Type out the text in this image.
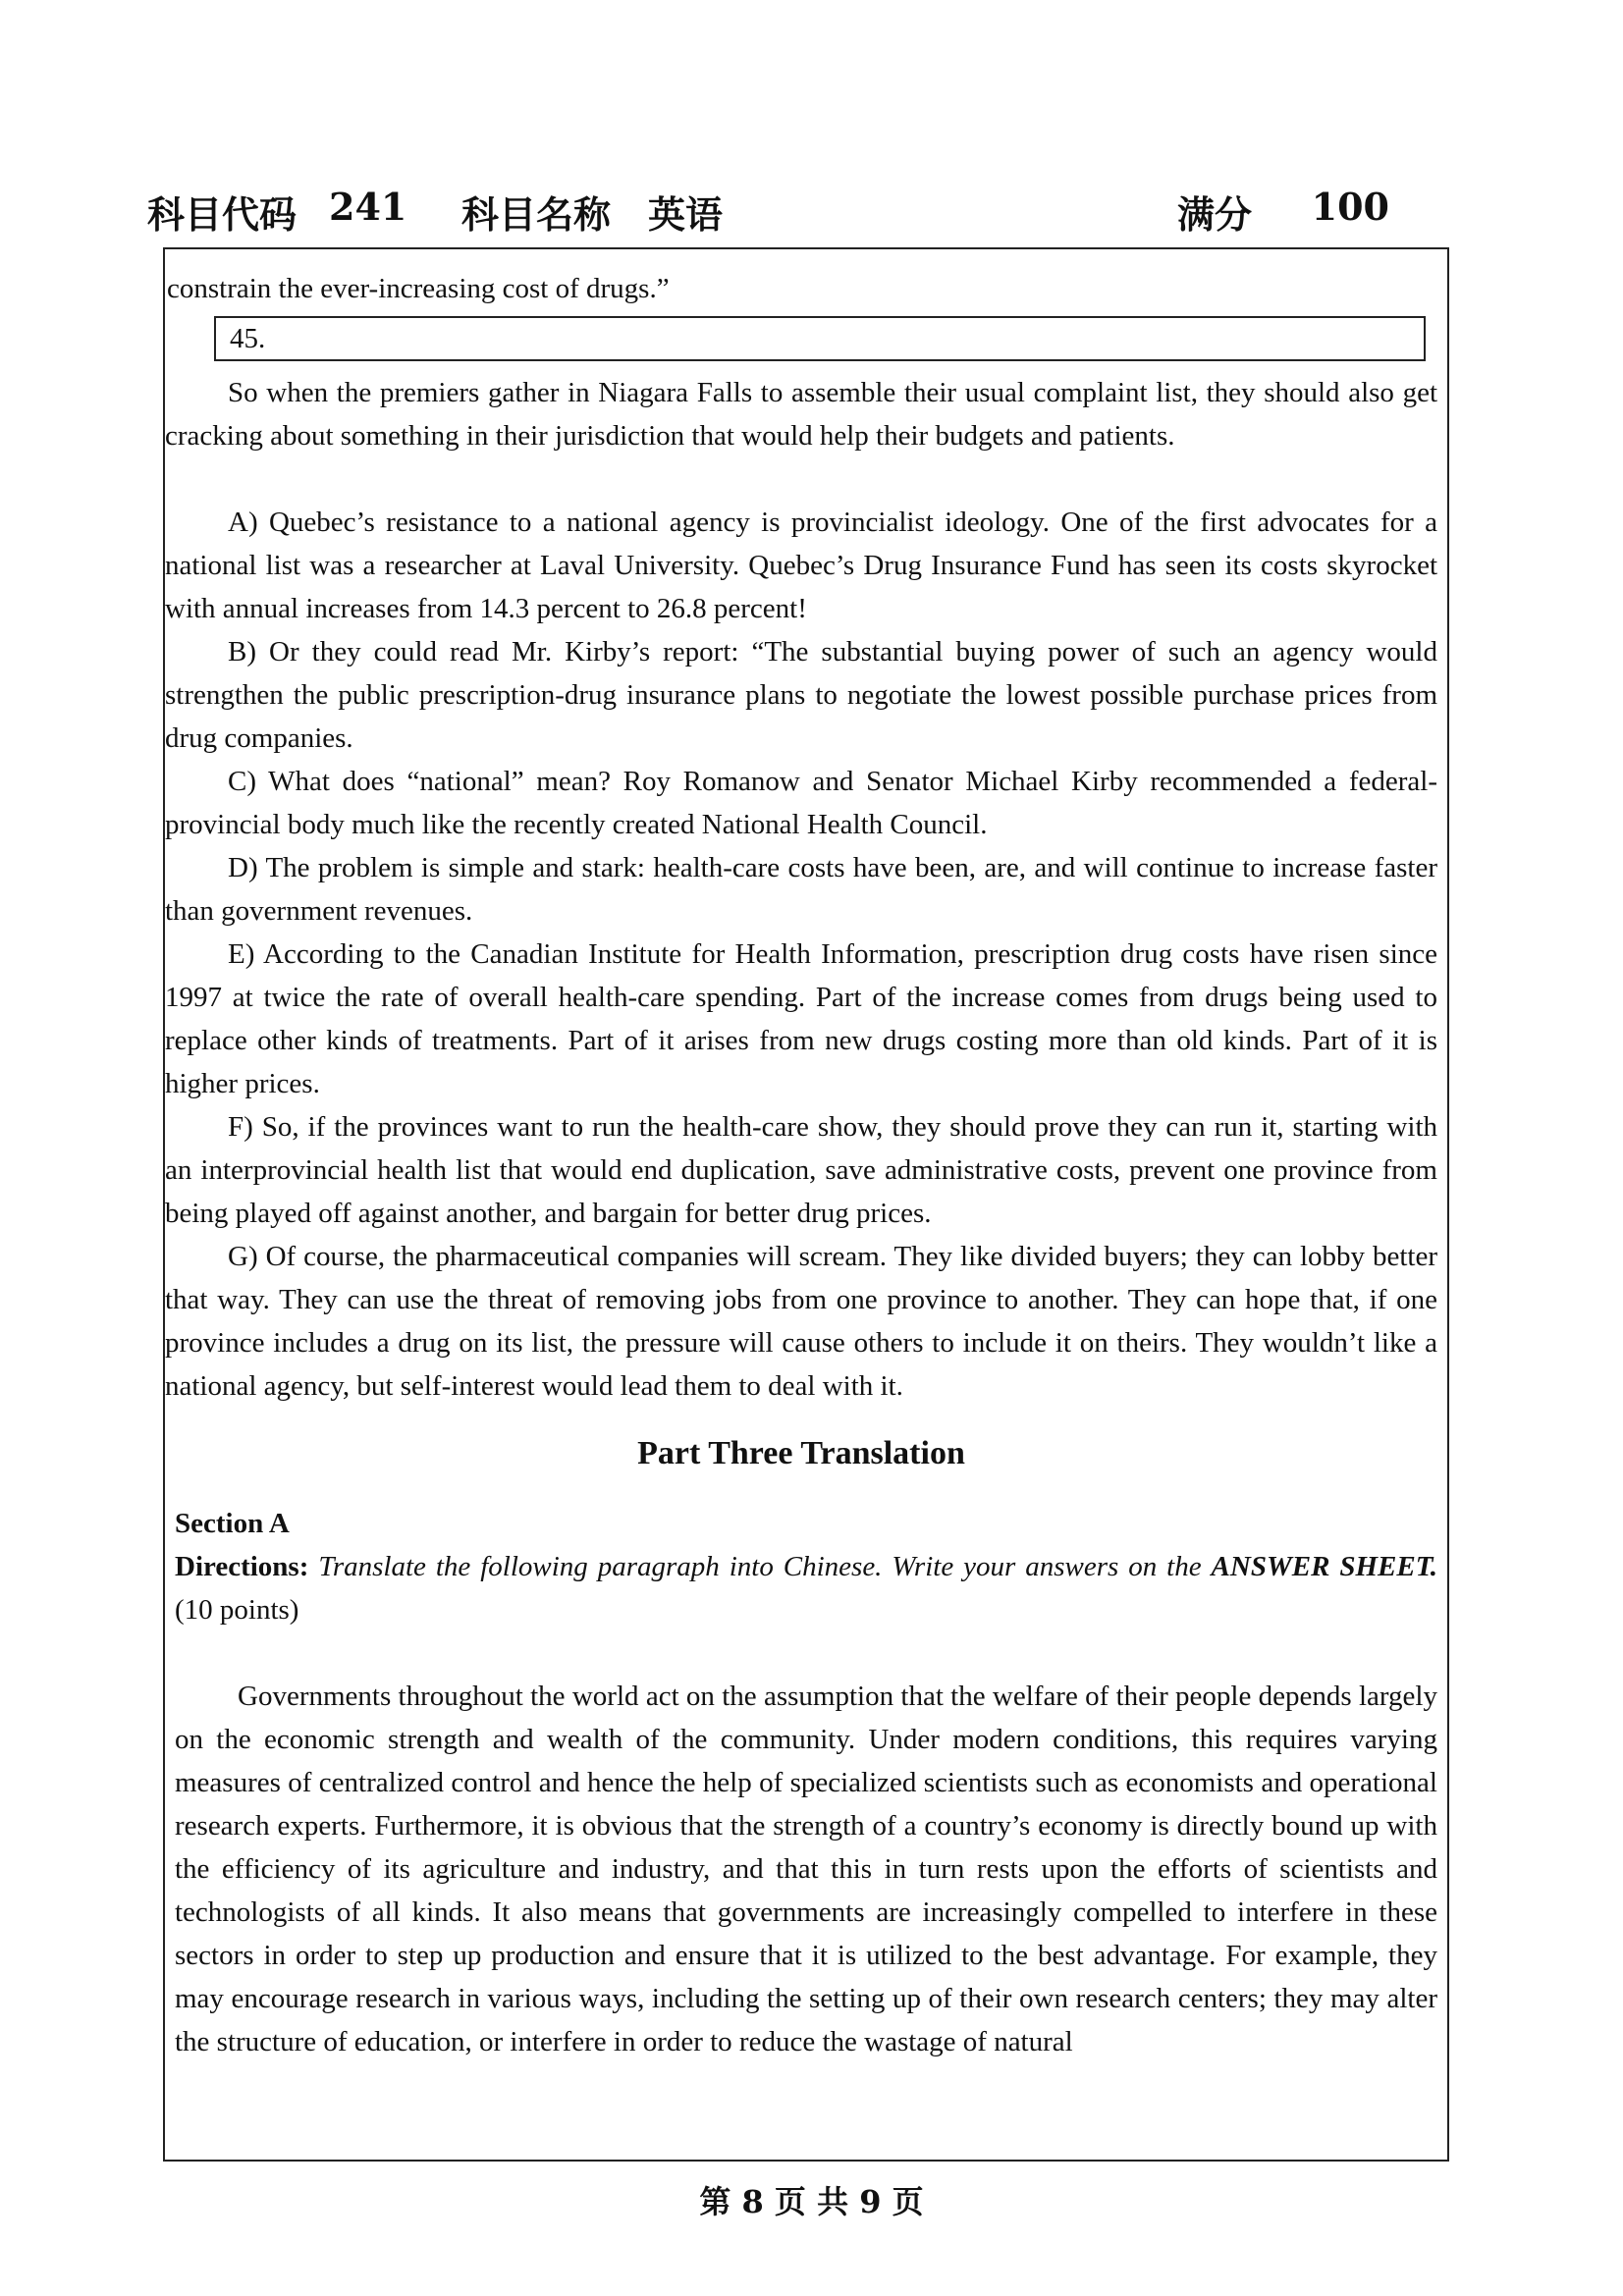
科目代码 241 科目名称 英语	满分 100

constrain the ever-increasing cost of drugs.”

45.

So when the premiers gather in Niagara Falls to assemble their usual complaint list, they should also get cracking about something in their jurisdiction that would help their budgets and patients.

A) Quebec’s resistance to a national agency is provincialist ideology. One of the first advocates for a national list was a researcher at Laval University. Quebec’s Drug Insurance Fund has seen its costs skyrocket with annual increases from 14.3 percent to 26.8 percent!

B) Or they could read Mr. Kirby’s report: “The substantial buying power of such an agency would strengthen the public prescription-drug insurance plans to negotiate the lowest possible purchase prices from drug companies.

C) What does “national” mean? Roy Romanow and Senator Michael Kirby recommended a federal-provincial body much like the recently created National Health Council.

D) The problem is simple and stark: health-care costs have been, are, and will continue to increase faster than government revenues.

E) According to the Canadian Institute for Health Information, prescription drug costs have risen since 1997 at twice the rate of overall health-care spending. Part of the increase comes from drugs being used to replace other kinds of treatments. Part of it arises from new drugs costing more than old kinds. Part of it is higher prices.

F) So, if the provinces want to run the health-care show, they should prove they can run it, starting with an interprovincial health list that would end duplication, save administrative costs, prevent one province from being played off against another, and bargain for better drug prices.

G) Of course, the pharmaceutical companies will scream. They like divided buyers; they can lobby better that way. They can use the threat of removing jobs from one province to another. They can hope that, if one province includes a drug on its list, the pressure will cause others to include it on theirs. They wouldn’t like a national agency, but self-interest would lead them to deal with it.

Part Three Translation
Section A
Directions: Translate the following paragraph into Chinese. Write your answers on the ANSWER SHEET. (10 points)

Governments throughout the world act on the assumption that the welfare of their people depends largely on the economic strength and wealth of the community. Under modern conditions, this requires varying measures of centralized control and hence the help of specialized scientists such as economists and operational research experts. Furthermore, it is obvious that the strength of a country’s economy is directly bound up with the efficiency of its agriculture and industry, and that this in turn rests upon the efforts of scientists and technologists of all kinds. It also means that governments are increasingly compelled to interfere in these sectors in order to step up production and ensure that it is utilized to the best advantage. For example, they may encourage research in various ways, including the setting up of their own research centers; they may alter the structure of education, or interfere in order to reduce the wastage of natural

第 8 页 共 9 页
